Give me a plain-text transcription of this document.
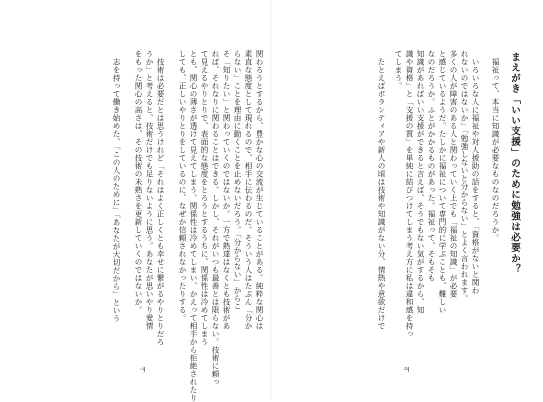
まえがき「いい支援」のために勉強は必要か？
福祉って、本当に知識が必要なものなのだろうか。
いろいろな人に福祉や対人援助の話をすると、「資格がないと関わ
れないのではないか」「勉強しないと分からない」とよく言われます。
多くの人が障害のある人と関わっていく上でも「福祉の知識」が必要
と感じているようだ。たしかに福祉について専門的に学ぶことも、難しい
なのだろうか。ふとがかかるものがあった。福祉って、そもそも
知識があればいい支援ができると言えば、そうでもない気がするから、知
識や資格」と「支援の質」を単純に結びつけてしまう考え方に私は違和感を持っ
てしまう。
たとえばボランティアや新人の頃は技術や知識がない分、情熱や意欲だけで
6
関わろうとするから、豊かな心の交流が生じていることがある。純粋な関心は
素直な態度として現れるので、相手に伝わるのだ。そういう人はたぶん「分か
らない」ことを理由に動くことを止めないだろう。「分からない」からこ
そ「知りたい」と関わっていくのではないか。一方で熟達はなくとも技術があ
れば、それなりに関わることはできる。しかし、それがいつも最善とは限らない。技術に頼っ
て見えるやりとりで、表面的な態度をとろうとするうちに、関係性は冷めてしまう
とも、関心の薄さが透けて見えてしまう。関係性は冷めてしまい、かえって相手から拒絶されたり
しても、正しいやりとりをしているのに、なぜか信頼されなかったりする。
技術は必要だとは思うけれど「それはよく正しくとも幸せに繋がるやりとりだろ
うか」と考えると、技術だけでも足りないように思う。あなたが思いやり愛情
をもった関心の高さは、その技術の未熟さを更新していくのではないか。
志を持って働き始めた、「この人のために」「あなたが大切だから」という
7
